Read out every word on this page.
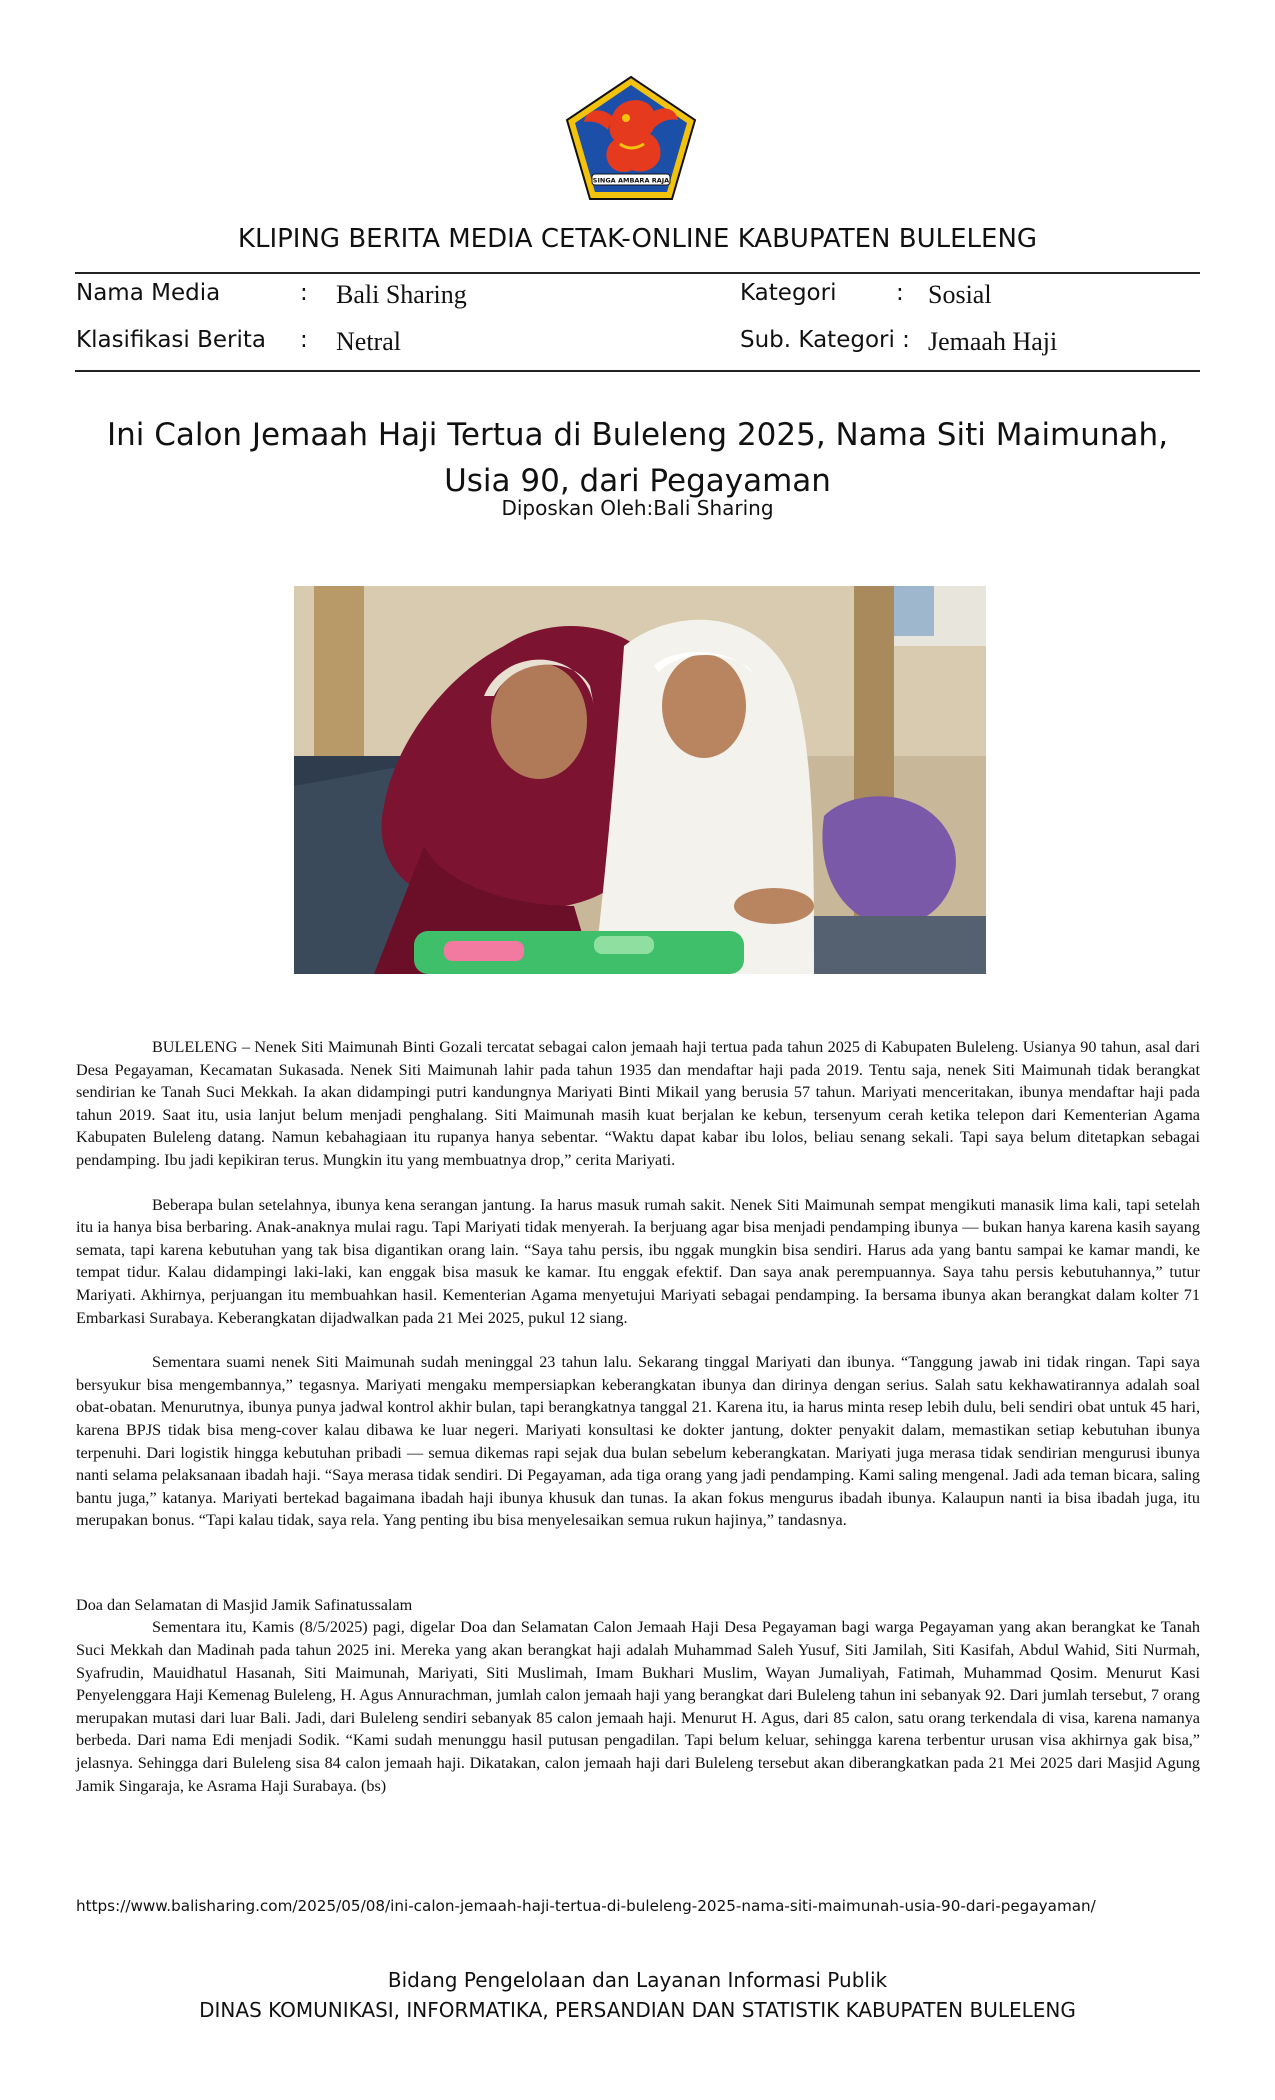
SINGA AMBARA RAJA
KLIPING BERITA MEDIA CETAK-ONLINE KABUPATEN BULELENG
Nama Media	: Bali Sharing	Kategori	: Sosial
Klasifikasi Berita : Netral	Sub. Kategori : Jemaah Haji
Ini Calon Jemaah Haji Tertua di Buleleng 2025, Nama Siti Maimunah, Usia 90, dari Pegayaman
Diposkan Oleh:Bali Sharing

BULELENG – Nenek Siti Maimunah Binti Gozali tercatat sebagai calon jemaah haji tertua pada tahun 2025 di Kabupaten Buleleng. Usianya 90 tahun, asal dari Desa Pegayaman, Kecamatan Sukasada. Nenek Siti Maimunah lahir pada tahun 1935 dan mendaftar haji pada 2019. Tentu saja, nenek Siti Maimunah tidak berangkat sendirian ke Tanah Suci Mekkah. Ia akan didampingi putri kandungnya Mariyati Binti Mikail yang berusia 57 tahun. Mariyati menceritakan, ibunya mendaftar haji pada tahun 2019. Saat itu, usia lanjut belum menjadi penghalang. Siti Maimunah masih kuat berjalan ke kebun, tersenyum cerah ketika telepon dari Kementerian Agama Kabupaten Buleleng datang. Namun kebahagiaan itu rupanya hanya sebentar. “Waktu dapat kabar ibu lolos, beliau senang sekali. Tapi saya belum ditetapkan sebagai pendamping. Ibu jadi kepikiran terus. Mungkin itu yang membuatnya drop,” cerita Mariyati.

Beberapa bulan setelahnya, ibunya kena serangan jantung. Ia harus masuk rumah sakit. Nenek Siti Maimunah sempat mengikuti manasik lima kali, tapi setelah itu ia hanya bisa berbaring. Anak-anaknya mulai ragu. Tapi Mariyati tidak menyerah. Ia berjuang agar bisa menjadi pendamping ibunya — bukan hanya karena kasih sayang semata, tapi karena kebutuhan yang tak bisa digantikan orang lain. “Saya tahu persis, ibu nggak mungkin bisa sendiri. Harus ada yang bantu sampai ke kamar mandi, ke tempat tidur. Kalau didampingi laki-laki, kan enggak bisa masuk ke kamar. Itu enggak efektif. Dan saya anak perempuannya. Saya tahu persis kebutuhannya,” tutur Mariyati. Akhirnya, perjuangan itu membuahkan hasil. Kementerian Agama menyetujui Mariyati sebagai pendamping. Ia bersama ibunya akan berangkat dalam kolter 71 Embarkasi Surabaya. Keberangkatan dijadwalkan pada 21 Mei 2025, pukul 12 siang.

Sementara suami nenek Siti Maimunah sudah meninggal 23 tahun lalu. Sekarang tinggal Mariyati dan ibunya. “Tanggung jawab ini tidak ringan. Tapi saya bersyukur bisa mengembannya,” tegasnya. Mariyati mengaku mempersiapkan keberangkatan ibunya dan dirinya dengan serius. Salah satu kekhawatirannya adalah soal obat-obatan. Menurutnya, ibunya punya jadwal kontrol akhir bulan, tapi berangkatnya tanggal 21. Karena itu, ia harus minta resep lebih dulu, beli sendiri obat untuk 45 hari, karena BPJS tidak bisa meng-cover kalau dibawa ke luar negeri. Mariyati konsultasi ke dokter jantung, dokter penyakit dalam, memastikan setiap kebutuhan ibunya terpenuhi. Dari logistik hingga kebutuhan pribadi — semua dikemas rapi sejak dua bulan sebelum keberangkatan. Mariyati juga merasa tidak sendirian mengurusi ibunya nanti selama pelaksanaan ibadah haji. “Saya merasa tidak sendiri. Di Pegayaman, ada tiga orang yang jadi pendamping. Kami saling mengenal. Jadi ada teman bicara, saling bantu juga,” katanya. Mariyati bertekad bagaimana ibadah haji ibunya khusuk dan tunas. Ia akan fokus mengurus ibadah ibunya. Kalaupun nanti ia bisa ibadah juga, itu merupakan bonus. “Tapi kalau tidak, saya rela. Yang penting ibu bisa menyelesaikan semua rukun hajinya,” tandasnya.

Doa dan Selamatan di Masjid Jamik Safinatussalam

Sementara itu, Kamis (8/5/2025) pagi, digelar Doa dan Selamatan Calon Jemaah Haji Desa Pegayaman bagi warga Pegayaman yang akan berangkat ke Tanah Suci Mekkah dan Madinah pada tahun 2025 ini. Mereka yang akan berangkat haji adalah Muhammad Saleh Yusuf, Siti Jamilah, Siti Kasifah, Abdul Wahid, Siti Nurmah, Syafrudin, Mauidhatul Hasanah, Siti Maimunah, Mariyati, Siti Muslimah, Imam Bukhari Muslim, Wayan Jumaliyah, Fatimah, Muhammad Qosim. Menurut Kasi Penyelenggara Haji Kemenag Buleleng, H. Agus Annurachman, jumlah calon jemaah haji yang berangkat dari Buleleng tahun ini sebanyak 92. Dari jumlah tersebut, 7 orang merupakan mutasi dari luar Bali. Jadi, dari Buleleng sendiri sebanyak 85 calon jemaah haji. Menurut H. Agus, dari 85 calon, satu orang terkendala di visa, karena namanya berbeda. Dari nama Edi menjadi Sodik. “Kami sudah menunggu hasil putusan pengadilan. Tapi belum keluar, sehingga karena terbentur urusan visa akhirnya gak bisa,” jelasnya. Sehingga dari Buleleng sisa 84 calon jemaah haji. Dikatakan, calon jemaah haji dari Buleleng tersebut akan diberangkatkan pada 21 Mei 2025 dari Masjid Agung Jamik Singaraja, ke Asrama Haji Surabaya. (bs)

https://www.balisharing.com/2025/05/08/ini-calon-jemaah-haji-tertua-di-buleleng-2025-nama-siti-maimunah-usia-90-dari-pegayaman/
Bidang Pengelolaan dan Layanan Informasi Publik
DINAS KOMUNIKASI, INFORMATIKA, PERSANDIAN DAN STATISTIK KABUPATEN BULELENG
